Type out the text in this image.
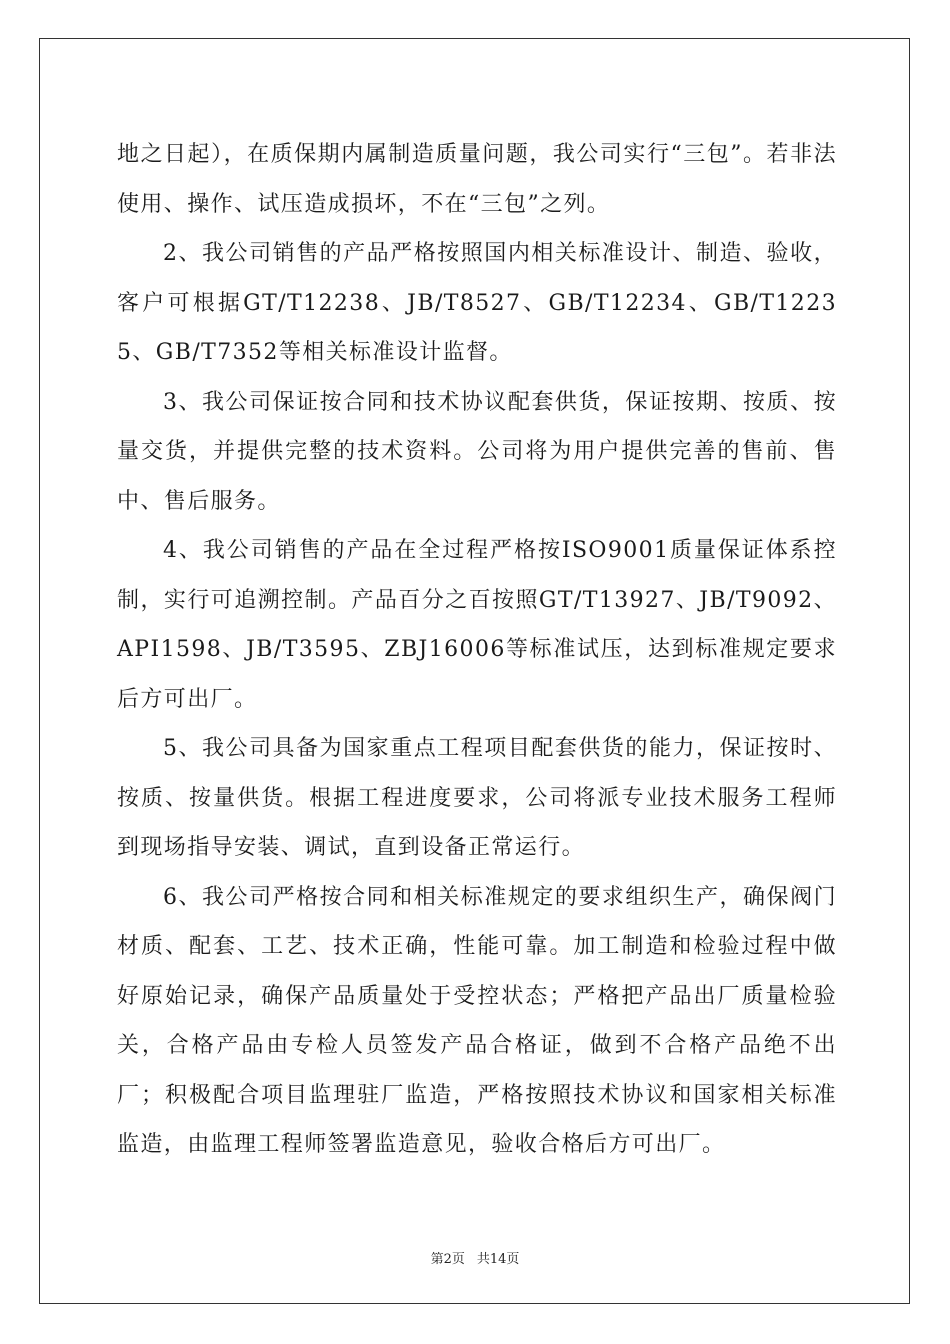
地之日起），在质保期内属制造质量问题，我公司实行“三包”。若非法使用、操作、试压造成损坏，不在“三包”之列。

2、我公司销售的产品严格按照国内相关标准设计、制造、验收，客户可根据GT/T12238、JB/T8527、GB/T12234、GB/T12235、GB/T7352等相关标准设计监督。

3、我公司保证按合同和技术协议配套供货，保证按期、按质、按量交货，并提供完整的技术资料。公司将为用户提供完善的售前、售中、售后服务。

4、我公司销售的产品在全过程严格按ISO9001质量保证体系控制，实行可追溯控制。产品百分之百按照GT/T13927、JB/T9092、API1598、JB/T3595、ZBJ16006等标准试压，达到标准规定要求后方可出厂。

5、我公司具备为国家重点工程项目配套供货的能力，保证按时、按质、按量供货。根据工程进度要求，公司将派专业技术服务工程师到现场指导安装、调试，直到设备正常运行。

6、我公司严格按合同和相关标准规定的要求组织生产，确保阀门材质、配套、工艺、技术正确，性能可靠。加工制造和检验过程中做好原始记录，确保产品质量处于受控状态；严格把产品出厂质量检验关，合格产品由专检人员签发产品合格证，做到不合格产品绝不出厂；积极配合项目监理驻厂监造，严格按照技术协议和国家相关标准监造，由监理工程师签署监造意见，验收合格后方可出厂。

第2页 共14页
